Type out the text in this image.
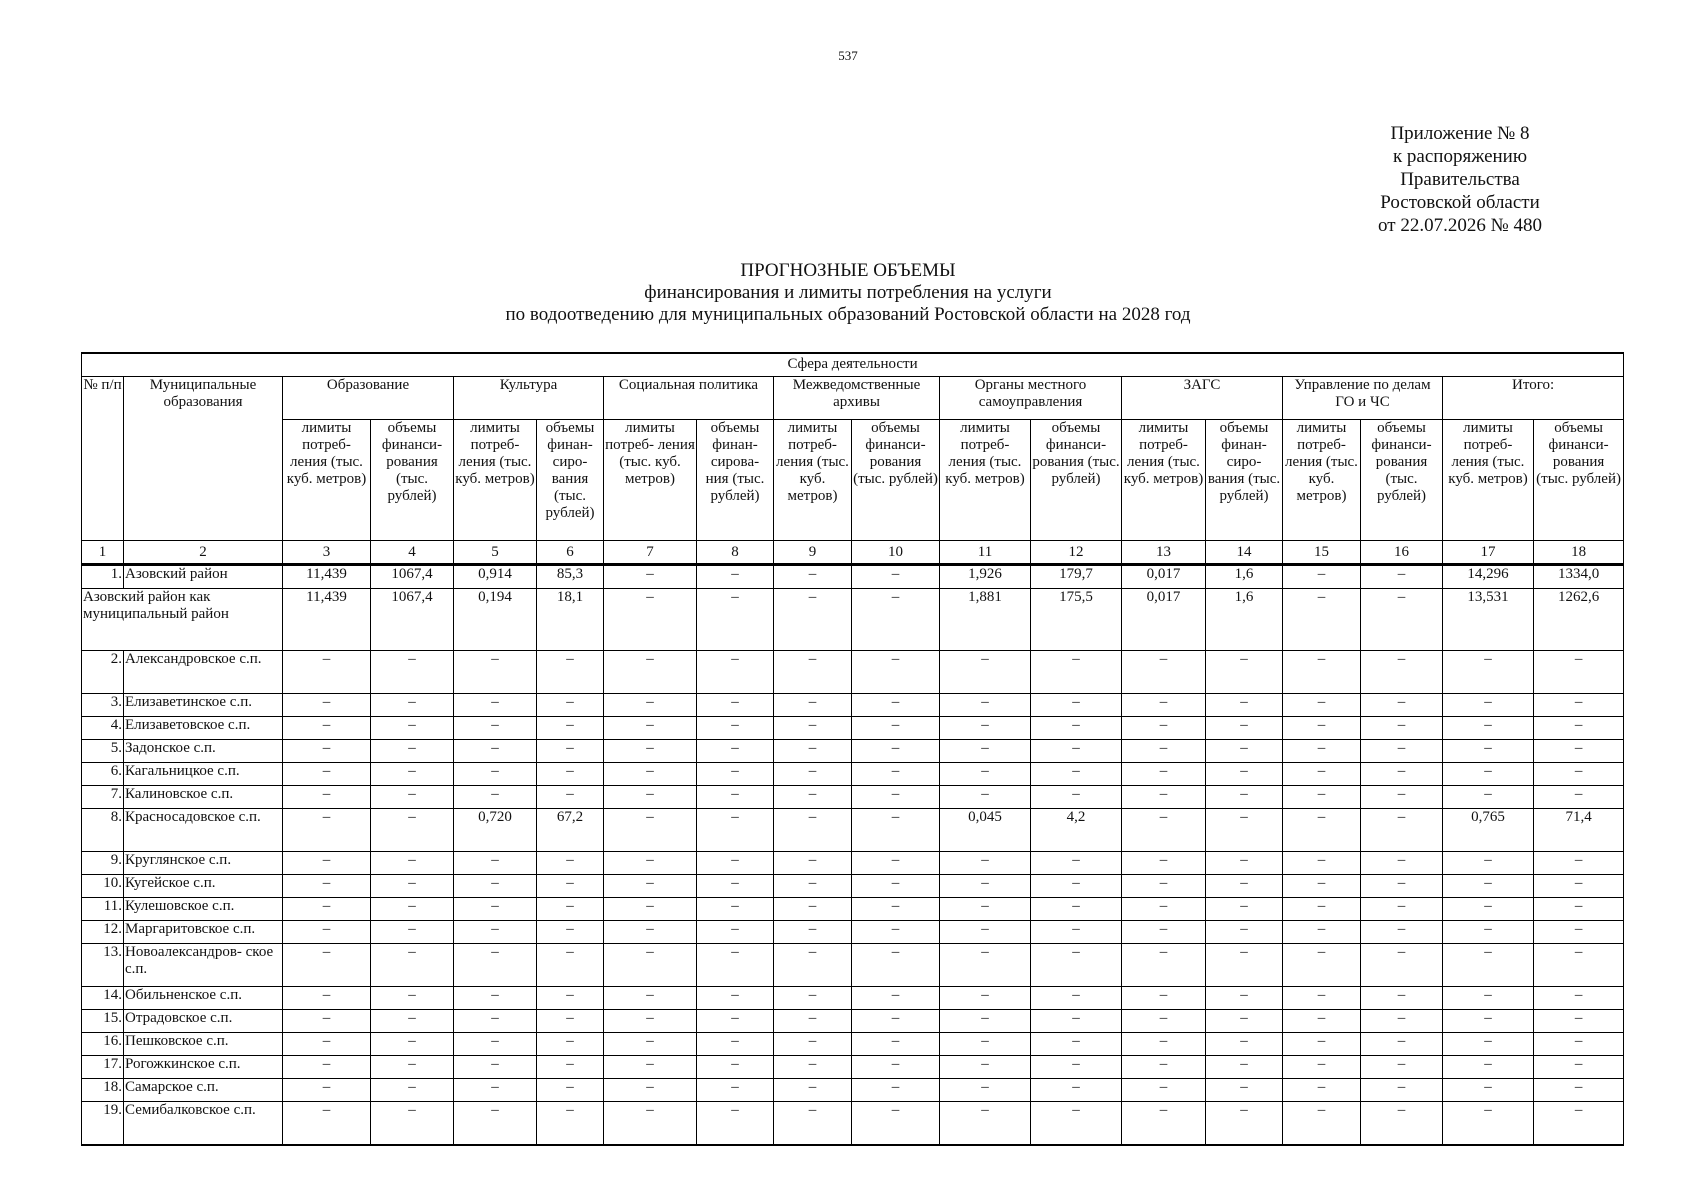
537
Приложение № 8
к распоряжению
Правительства
Ростовской области
от 22.07.2026 № 480
ПРОГНОЗНЫЕ ОБЪЕМЫ
финансирования и лимиты потребления на услуги
по водоотведению для муниципальных образований Ростовской области на 2028 год
Сфера деятельности																	
№ п/п	Муниципальные образования	Образование		Культура		Социальная политика		Межведомственные архивы		Органы местного самоуправления		ЗАГС		Управление по делам ГО и ЧС		Итого:	
		лимиты потреб- ления (тыс. куб. метров)	объемы финанси- рования (тыс. рублей)	лимиты потреб- ления (тыс. куб. метров)	объемы финан- сиро- вания (тыс. рублей)	лимиты потреб- ления (тыс. куб. метров)	объемы финан- сирова- ния (тыс. рублей)	лимиты потреб- ления (тыс. куб. метров)	объемы финанси- рования (тыс. рублей)	лимиты потреб- ления (тыс. куб. метров)	объемы финанси- рования (тыс. рублей)	лимиты потреб- ления (тыс. куб. метров)	объемы финан- сиро- вания (тыс. рублей)	лимиты потреб- ления (тыс. куб. метров)	объемы финанси- рования (тыс. рублей)	лимиты потреб- ления (тыс. куб. метров)	объемы финанси- рования (тыс. рублей)
1	2	3	4	5	6	7	8	9	10	11	12	13	14	15	16	17	18
1.	Азовский район	11,439	1067,4	0,914	85,3	–	–	–	–	1,926	179,7	0,017	1,6	–	–	14,296	1334,0
Азовский район как муниципальный район		11,439	1067,4	0,194	18,1	–	–	–	–	1,881	175,5	0,017	1,6	–	–	13,531	1262,6
2.	Александровское с.п.	–	–	–	–	–	–	–	–	–	–	–	–	–	–	–	–
3.	Елизаветинское с.п.	–	–	–	–	–	–	–	–	–	–	–	–	–	–	–	–
4.	Елизаветовское с.п.	–	–	–	–	–	–	–	–	–	–	–	–	–	–	–	–
5.	Задонское с.п.	–	–	–	–	–	–	–	–	–	–	–	–	–	–	–	–
6.	Кагальницкое с.п.	–	–	–	–	–	–	–	–	–	–	–	–	–	–	–	–
7.	Калиновское с.п.	–	–	–	–	–	–	–	–	–	–	–	–	–	–	–	–
8.	Красносадовское с.п.	–	–	0,720	67,2	–	–	–	–	0,045	4,2	–	–	–	–	0,765	71,4
9.	Круглянское с.п.	–	–	–	–	–	–	–	–	–	–	–	–	–	–	–	–
10.	Кугейское с.п.	–	–	–	–	–	–	–	–	–	–	–	–	–	–	–	–
11.	Кулешовское с.п.	–	–	–	–	–	–	–	–	–	–	–	–	–	–	–	–
12.	Маргаритовское с.п.	–	–	–	–	–	–	–	–	–	–	–	–	–	–	–	–
13.	Новоалександров- ское с.п.	–	–	–	–	–	–	–	–	–	–	–	–	–	–	–	–
14.	Обильненское с.п.	–	–	–	–	–	–	–	–	–	–	–	–	–	–	–	–
15.	Отрадовское с.п.	–	–	–	–	–	–	–	–	–	–	–	–	–	–	–	–
16.	Пешковское с.п.	–	–	–	–	–	–	–	–	–	–	–	–	–	–	–	–
17.	Рогожкинское с.п.	–	–	–	–	–	–	–	–	–	–	–	–	–	–	–	–
18.	Самарское с.п.	–	–	–	–	–	–	–	–	–	–	–	–	–	–	–	–
19.	Семибалковское с.п.	–	–	–	–	–	–	–	–	–	–	–	–	–	–	–	–
